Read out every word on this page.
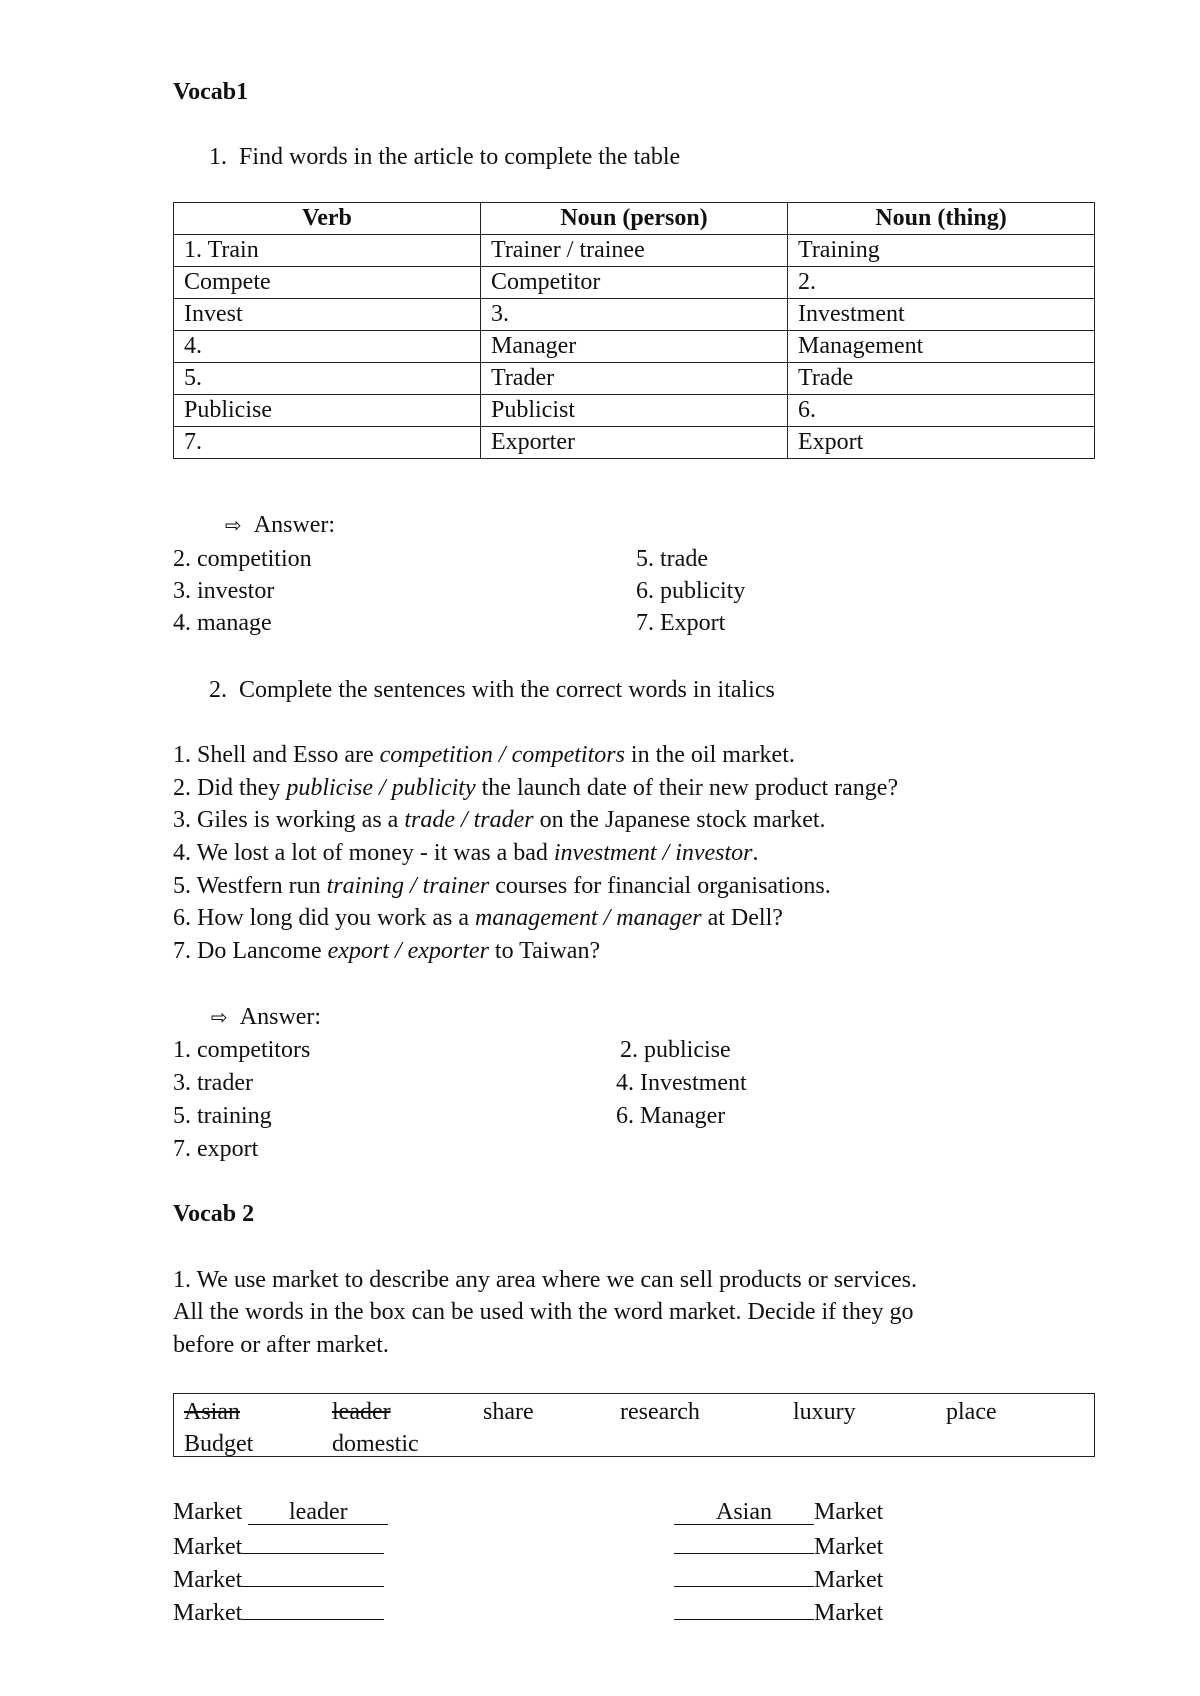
Vocab1
1. Find words in the article to complete the table
Verb	Noun (person)	Noun (thing)
1. Train	Trainer / trainee	Training
Compete	Competitor	2.
Invest	3.	Investment
4.	Manager	Management
5.	Trader	Trade
Publicise	Publicist	6.
7.	Exporter	Export
⇨ Answer:
2. competition
3. investor
4. manage
5. trade
6. publicity
7. Export
2. Complete the sentences with the correct words in italics
1. Shell and Esso are competition / competitors in the oil market.
2. Did they publicise / publicity the launch date of their new product range?
3. Giles is working as a trade / trader on the Japanese stock market.
4. We lost a lot of money - it was a bad investment / investor.
5. Westfern run training / trainer courses for financial organisations.
6. How long did you work as a management / manager at Dell?
7. Do Lancome export / exporter to Taiwan?
⇨ Answer:
1. competitors	2. publicise
3. trader	4. Investment
5. training	6. Manager
7. export
Vocab 2
1. We use market to describe any area where we can sell products or services.
All the words in the box can be used with the word market. Decide if they go
before or after market.
Asian	leader	share	research	luxury	place
Budget	domestic
Market leader
Market
Market
Market
Asian Market
Market
Market
Market
